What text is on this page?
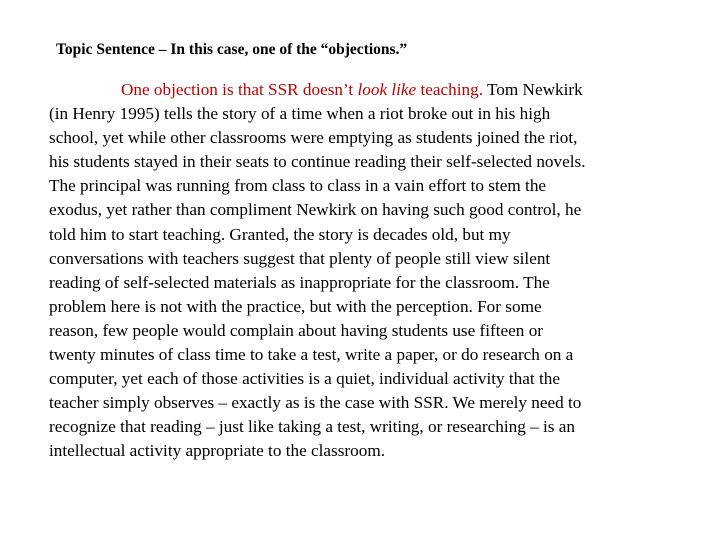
Topic Sentence – In this case, one of the “objections.”

One objection is that SSR doesn’t look like teaching. Tom Newkirk
(in Henry 1995) tells the story of a time when a riot broke out in his high
school, yet while other classrooms were emptying as students joined the riot,
his students stayed in their seats to continue reading their self-selected novels.
The principal was running from class to class in a vain effort to stem the
exodus, yet rather than compliment Newkirk on having such good control, he
told him to start teaching. Granted, the story is decades old, but my
conversations with teachers suggest that plenty of people still view silent
reading of self-selected materials as inappropriate for the classroom. The
problem here is not with the practice, but with the perception. For some
reason, few people would complain about having students use fifteen or
twenty minutes of class time to take a test, write a paper, or do research on a
computer, yet each of those activities is a quiet, individual activity that the
teacher simply observes – exactly as is the case with SSR. We merely need to
recognize that reading – just like taking a test, writing, or researching – is an
intellectual activity appropriate to the classroom.
